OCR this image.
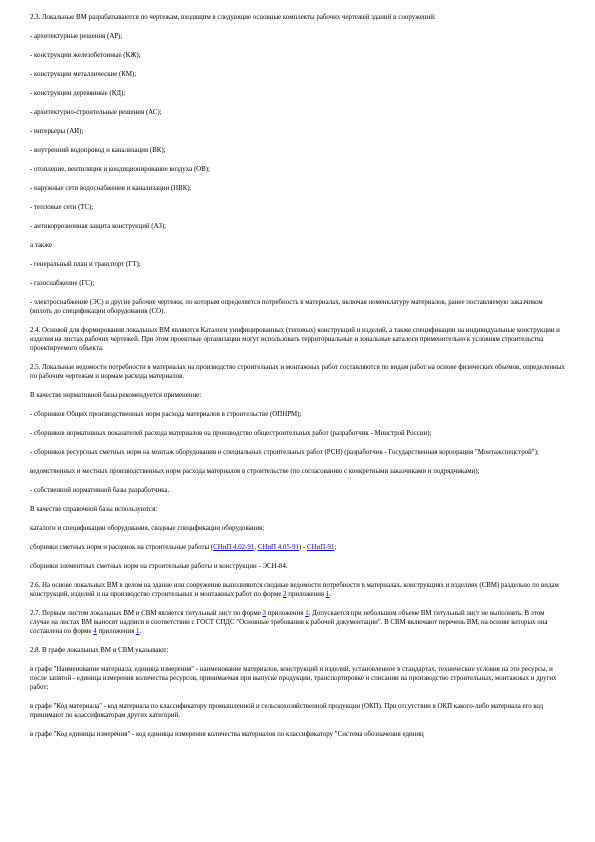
2.3. Локальные ВМ разрабатываются по чертежам, входящим в следующие основные комплекты рабочих чертежей зданий и сооружений:

- архитектурные решения (АР);

- конструкции железобетонные (КЖ);

- конструкции металлические (КМ);

- конструкции деревянные (КД);

- архитектурно-строительные решения (АС);

- интерьеры (АИ);

- внутренний водопровод и канализация (ВК);

- отопление, вентиляция и кондиционирование воздуха (ОВ);

- наружные сети водоснабжения и канализации (НВК);

- тепловые сети (ТС);

- антикоррозионная защита конструкций (АЗ);

а также

- генеральный план и транспорт (ГТ);

- газоснабжение (ГС);

- электроснабжение (ЭС) и другие рабочие чертежи, по которым определяется потребность в материалах, включая номенклатуру материалов, ранее поставляемую заказчиком (вплоть до спецификации оборудования (СО).

2.4. Основой для формирования локальных ВМ являются Каталоги унифицированных (типовых) конструкций и изделий, а также спецификации на индивидуальные конструкции и изделия на листах рабочих чертежей. При этом проектные организации могут использовать территориальные и зональные каталоги применительно к условиям строительства проектируемого объекта.

2.5. Локальные ведомости потребности в материалах на производство строительных и монтажных работ составляются по видам работ на основе физических объемов, определенных по рабочим чертежам и нормам расхода материалов.

В качестве нормативной базы рекомендуется применение:

- сборников Общих производственных норм расхода материалов в строительстве (ОПНРМ);

- сборников нормативных показателей расхода материалов на производство общестроительных работ (разработчик - Минстрой России);

- сборников ресурсных сметных норм на монтаж оборудования и специальных строительных работ (РСН) (разработчик - Государственная корпорация "Монтажспецстрой");

ведомственных и местных производственных норм расхода материалов в строительстве (по согласованию с конкретными заказчиками и подрядчиками);

- собственной нормативной базы разработчика.

В качестве справочной базы используются:

каталоги и спецификации оборудования, сводные спецификации оборудования;

сборники сметных норм и расценок на строительные работы (СНиП 4.02-91, СНиП 4.05-91) - СНиП-91;

сборники элементных сметных норм на строительные работы и конструкции - ЭСН-84.

2.6. На основе локальных ВМ в целом на здание или сооружение выполняются сводные ведомости потребности в материалах, конструкциях и изделиях (СВМ) раздельно по видам конструкций, изделий и на производство строительных и монтажных работ по форме 2 приложения 1.

2.7. Первым листом локальных ВМ и СВМ является титульный лист по форме 3 приложения 1. Допускается при небольшом объеме ВМ титульный лист не выполнять. В этом случае на листах ВМ выносят надписи в соответствии с ГОСТ СПДС "Основные требования к рабочей документации". В СВМ включают перечень ВМ, на основе которых она составлена по форме 4 приложения 1.

2.8. В графе локальных ВМ и СВМ указывают:

в графе "Наименование материала, единица измерения" - наименование материалов, конструкций и изделий, установленное в стандартах, технические условия на эти ресурсы, и после запятой - единица измерения количества ресурсов, принимаемая при выпуске продукции, транспортировке и списании на производство строительных, монтажных и других работ;

в графе "Код материала" - код материала по классификатору промышленной и сельскохозяйственной продукции (ОКП). При отсутствии в ОКП какого-либо материала его код принимают по классификаторам других категорий.

в графе "Код единицы измерения" - код единицы измерения количества материалов по классификатору "Система обозначения единиц
